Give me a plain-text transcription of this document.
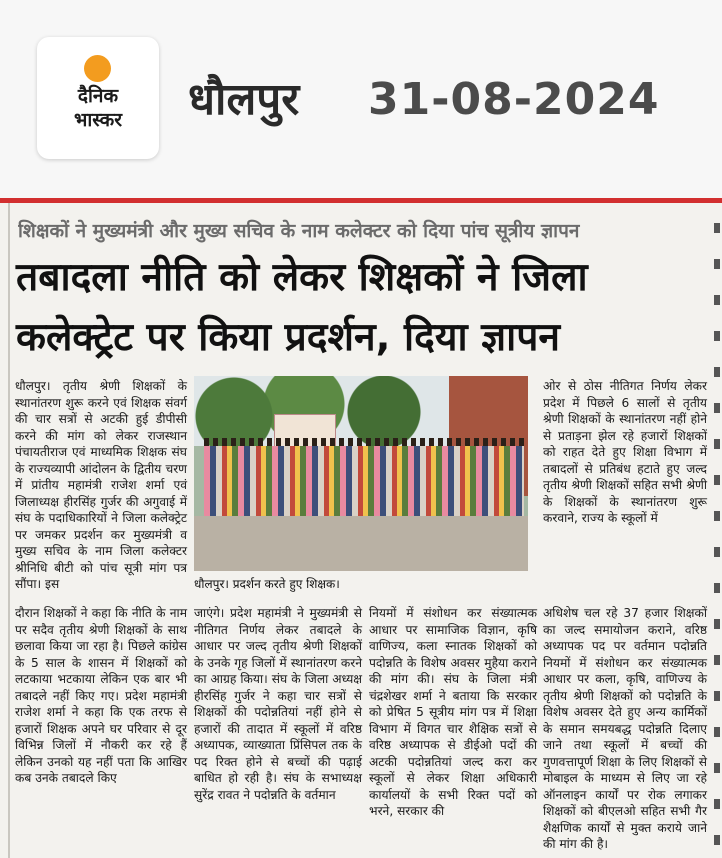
दैनिक
भास्कर	धौलपुर 31-08-2024
शिक्षकों ने मुख्यमंत्री और मुख्य सचिव के नाम कलेक्टर को दिया पांच सूत्रीय ज्ञापन
तबादला नीति को लेकर शिक्षकों ने जिला
कलेक्ट्रेट पर किया प्रदर्शन, दिया ज्ञापन

धौलपुर। तृतीय श्रेणी शिक्षकों के स्थानांतरण शुरू करने एवं शिक्षक संवर्ग की चार सत्रों से अटकी हुई डीपीसी करने की मांग को लेकर राजस्थान पंचायतीराज एवं माध्यमिक शिक्षक संघ के राज्यव्यापी आंदोलन के द्वितीय चरण में प्रांतीय महामंत्री राजेश शर्मा एवं जिलाध्यक्ष हीरसिंह गुर्जर की अगुवाई में संघ के पदाधिकारियों ने जिला कलेक्ट्रेट पर जमकर प्रदर्शन कर मुख्यमंत्री व मुख्य सचिव के नाम जिला कलेक्टर श्रीनिधि बीटी को पांच सूत्री मांग पत्र सौंपा। इस	धौलपुर। प्रदर्शन करते हुए शिक्षक।

ओर से ठोस नीतिगत निर्णय लेकर प्रदेश में पिछले 6 सालों से तृतीय श्रेणी शिक्षकों के स्थानांतरण नहीं होने से प्रताड़ना झेल रहे हजारों शिक्षकों को राहत देते हुए शिक्षा विभाग में तबादलों से प्रतिबंध हटाते हुए जल्द तृतीय श्रेणी शिक्षकों सहित सभी श्रेणी के शिक्षकों के स्थानांतरण शुरू करवाने, राज्य के स्कूलों में

दौरान शिक्षकों ने कहा कि नीति के नाम पर सदैव तृतीय श्रेणी शिक्षकों के साथ छलावा किया जा रहा है। पिछले कांग्रेस के 5 साल के शासन में शिक्षकों को लटकाया भटकाया लेकिन एक बार भी तबादले नहीं किए गए। प्रदेश महामंत्री राजेश शर्मा ने कहा कि एक तरफ से हजारों शिक्षक अपने घर परिवार से दूर विभिन्न जिलों में नौकरी कर रहे हैं लेकिन उनको यह नहीं पता कि आखिर कब उनके तबादले किए

जाएंगे। प्रदेश महामंत्री ने मुख्यमंत्री से नीतिगत निर्णय लेकर तबादले के आधार पर जल्द तृतीय श्रेणी शिक्षकों के उनके गृह जिलों में स्थानांतरण करने का आग्रह किया। संघ के जिला अध्यक्ष हीरसिंह गुर्जर ने कहा चार सत्रों से शिक्षकों की पदोन्नतियां नहीं होने से हजारों की तादात में स्कूलों में वरिष्ठ अध्यापक, व्याख्याता प्रिंसिपल तक के पद रिक्त होने से बच्चों की पढ़ाई बाधित हो रही है। संघ के सभाध्यक्ष सुरेंद्र रावत ने पदोन्नति के वर्तमान

नियमों में संशोधन कर संख्यात्मक आधार पर सामाजिक विज्ञान, कृषि वाणिज्य, कला स्नातक शिक्षकों को पदोन्नति के विशेष अवसर मुहैया कराने की मांग की। संघ के जिला मंत्री चंद्रशेखर शर्मा ने बताया कि सरकार को प्रेषित 5 सूत्रीय मांग पत्र में शिक्षा विभाग में विगत चार शैक्षिक सत्रों से वरिष्ठ अध्यापक से डीईओ पदों की अटकी पदोन्नतियां जल्द करा कर स्कूलों से लेकर शिक्षा अधिकारी कार्यालयों के सभी रिक्त पदों को भरने, सरकार की

अधिशेष चल रहे 37 हजार शिक्षकों का जल्द समायोजन कराने, वरिष्ठ अध्यापक पद पर वर्तमान पदोन्नति नियमों में संशोधन कर संख्यात्मक आधार पर कला, कृषि, वाणिज्य के तृतीय श्रेणी शिक्षकों को पदोन्नति के विशेष अवसर देते हुए अन्य कार्मिकों के समान समयबद्ध पदोन्नति दिलाए जाने तथा स्कूलों में बच्चों की गुणवत्तापूर्ण शिक्षा के लिए शिक्षकों से मोबाइल के माध्यम से लिए जा रहे ऑनलाइन कार्यों पर रोक लगाकर शिक्षकों को बीएलओ सहित सभी गैर शैक्षणिक कार्यों से मुक्त कराये जाने की मांग की है।
